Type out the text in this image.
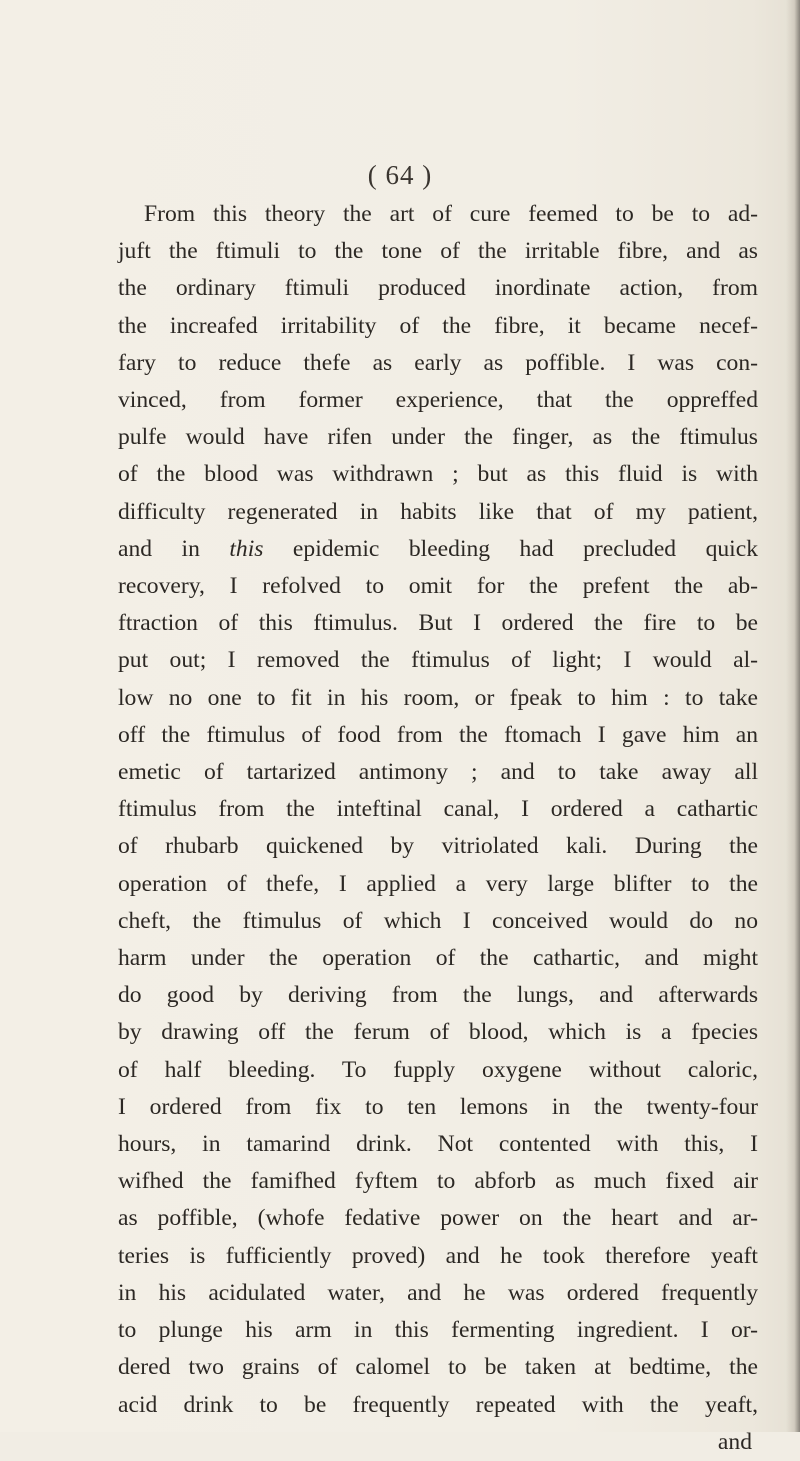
( 64 )
From this theory the art of cure feemed to be to ad-
juft the ftimuli to the tone of the irritable fibre, and as
the ordinary ftimuli produced inordinate action, from
the increafed irritability of the fibre, it became necef-
fary to reduce thefe as early as poffible. I was con-
vinced, from former experience, that the oppreffed
pulfe would have rifen under the finger, as the ftimulus
of the blood was withdrawn ; but as this fluid is with
difficulty regenerated in habits like that of my patient,
and in this epidemic bleeding had precluded quick
recovery, I refolved to omit for the prefent the ab-
ftraction of this ftimulus. But I ordered the fire to be
put out; I removed the ftimulus of light; I would al-
low no one to fit in his room, or fpeak to him : to take
off the ftimulus of food from the ftomach I gave him an
emetic of tartarized antimony ; and to take away all
ftimulus from the inteftinal canal, I ordered a cathartic
of rhubarb quickened by vitriolated kali. During the
operation of thefe, I applied a very large blifter to the
cheft, the ftimulus of which I conceived would do no
harm under the operation of the cathartic, and might
do good by deriving from the lungs, and afterwards
by drawing off the ferum of blood, which is a fpecies
of half bleeding. To fupply oxygene without caloric,
I ordered from fix to ten lemons in the twenty-four
hours, in tamarind drink. Not contented with this, I
wifhed the famifhed fyftem to abforb as much fixed air
as poffible, (whofe fedative power on the heart and ar-
teries is fufficiently proved) and he took therefore yeaft
in his acidulated water, and he was ordered frequently
to plunge his arm in this fermenting ingredient. I or-
dered two grains of calomel to be taken at bedtime, the
acid drink to be frequently repeated with the yeaft,
and
